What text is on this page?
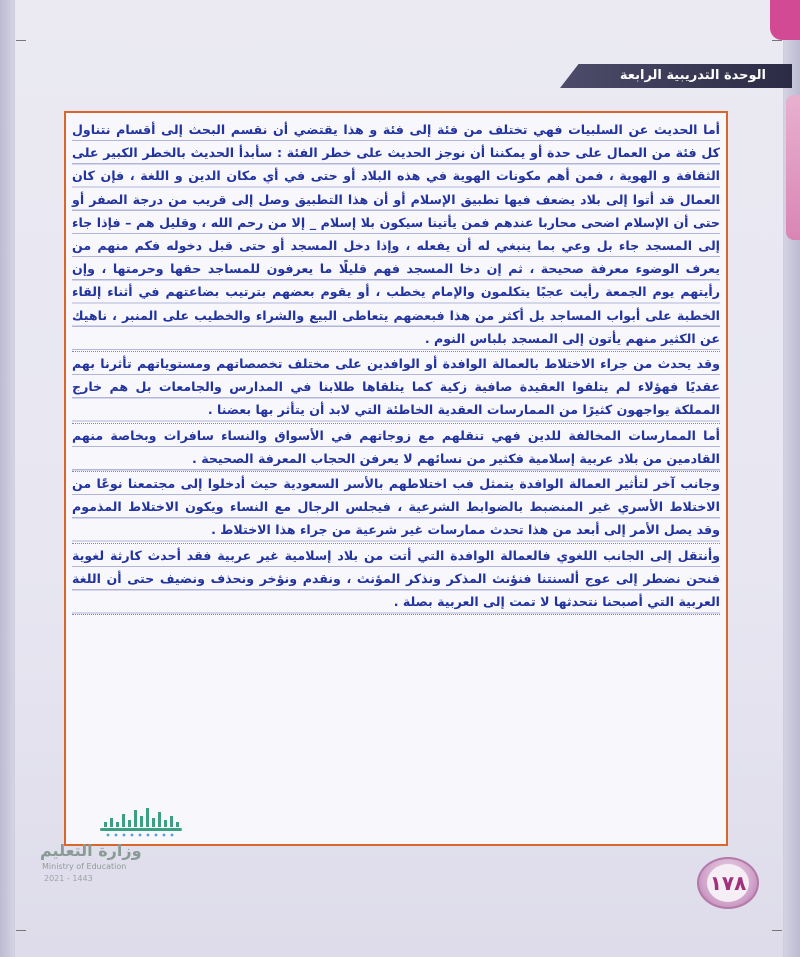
الوحدة التدريبية الرابعة

أما الحديث عن السلبيات فهي تختلف من فئة إلى فئة و هذا يقتضي أن نقسم البحث إلى أقسام نتناول كل فئة من العمال على حدة أو يمكننا أن نوجز الحديث على خطر الفئة : سأبدأ الحديث بالخطر الكبير على الثقافة و الهوية ، فمن أهم مكونات الهوية في هذه البلاد أو حتى في أي مكان الدين و اللغة ، فإن كان العمال قد أتوا إلى بلاد يضعف فيها تطبيق الإسلام أو أن هذا التطبيق وصل إلى قريب من درجة الصفر أو حتى أن الإسلام اضحى محاربا عندهم فمن يأتينا سيكون بلا إسلام _ إلا من رحم الله ، وقليل هم – فإذا جاء إلى المسجد جاء بل وعي بما ينبغي له أن يفعله ، وإذا دخل المسجد أو حتى قبل دخوله فكم منهم من يعرف الوضوء معرفة صحيحة ، ثم إن دخا المسجد فهم قليلًا ما يعرفون للمساجد حقها وحرمتها ، وإن رأيتهم يوم الجمعة رأيت عجبًا يتكلمون والإمام يخطب ، أو يقوم بعضهم بترتيب بضاعتهم في أثناء إلقاء الخطبة على أبواب المساجد بل أكثر من هذا فبعضهم يتعاطى البيع والشراء والخطيب على المنبر ، ناهيك عن الكثير منهم يأتون إلى المسجد بلباس النوم .

وقد يحدث من جراء الاختلاط بالعمالة الوافدة أو الوافدين على مختلف تخصصاتهم ومستوياتهم تأثرنا بهم عقديًا فهؤلاء لم يتلقوا العقيدة صافية زكية كما يتلقاها طلابنا في المدارس والجامعات بل هم خارج المملكة يواجهون كثيرًا من الممارسات العقدية الخاطئة التي لابد أن يتأثر بها بعضنا .

أما الممارسات المخالفة للدين فهي تنقلهم مع زوجاتهم في الأسواق والنساء سافرات وبخاصة منهم القادمين من بلاد عربية إسلامية فكثير من نسائهم لا يعرفن الحجاب المعرفة الصحيحة .

وجانب آخر لتأثير العمالة الوافدة يتمثل فب اختلاطهم بالأسر السعودية حيث أدخلوا إلى مجتمعنا نوعًا من الاختلاط الأسري غير المنضبط بالضوابط الشرعية ، فيجلس الرجال مع النساء ويكون الاختلاط المذموم وقد يصل الأمر إلى أبعد من هذا تحدث ممارسات غير شرعية من جراء هذا الاختلاط .

وأنتقل إلى الجانب اللغوي فالعمالة الوافدة التي أتت من بلاد إسلامية غير عربية فقد أحدث كارثة لغوية فنحن نضطر إلى عوج ألسنتنا فنؤنث المذكر ونذكر المؤنث ، ونقدم ونؤخر ونحذف ونضيف حتى أن اللغة العربية التي أصبحنا نتحدثها لا تمت إلى العربية بصلة .

١٧٨
وزارة التعليم
Ministry of Education
2021 - 1443
